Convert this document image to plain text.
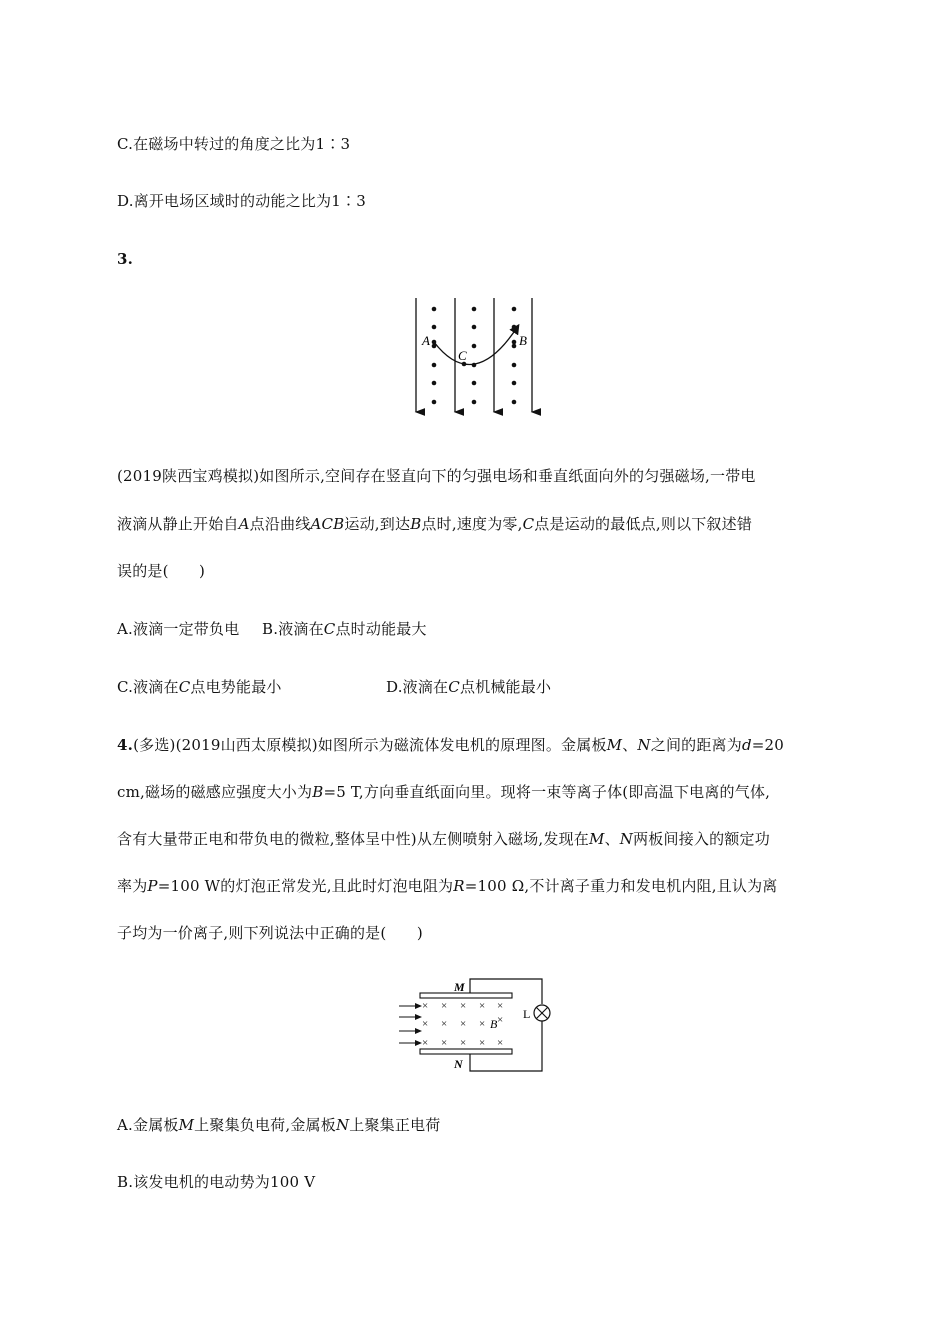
C.在磁场中转过的角度之比为1∶3
D.离开电场区域时的动能之比为1∶3
3.
A
C
B
(2019陕西宝鸡模拟)如图所示,空间存在竖直向下的匀强电场和垂直纸面向外的匀强磁场,一带电
液滴从静止开始自A点沿曲线ACB运动,到达B点时,速度为零,C点是运动的最低点,则以下叙述错
误的是(　　)
A.液滴一定带负电 B.液滴在C点时动能最大
C.液滴在C点电势能最小	D.液滴在C点机械能最小
4.(多选)(2019山西太原模拟)如图所示为磁流体发电机的原理图。金属板M、N之间的距离为d=20
cm,磁场的磁感应强度大小为B=5 T,方向垂直纸面向里。现将一束等离子体(即高温下电离的气体,
含有大量带正电和带负电的微粒,整体呈中性)从左侧喷射入磁场,发现在M、N两板间接入的额定功
率为P=100 W的灯泡正常发光,且此时灯泡电阻为R=100 Ω,不计离子重力和发电机内阻,且认为离
子均为一价离子,则下列说法中正确的是(　　)
× × × × ×
× × × × ×
× × × × ×
M
N
B
L
A.金属板M上聚集负电荷,金属板N上聚集正电荷
B.该发电机的电动势为100 V
